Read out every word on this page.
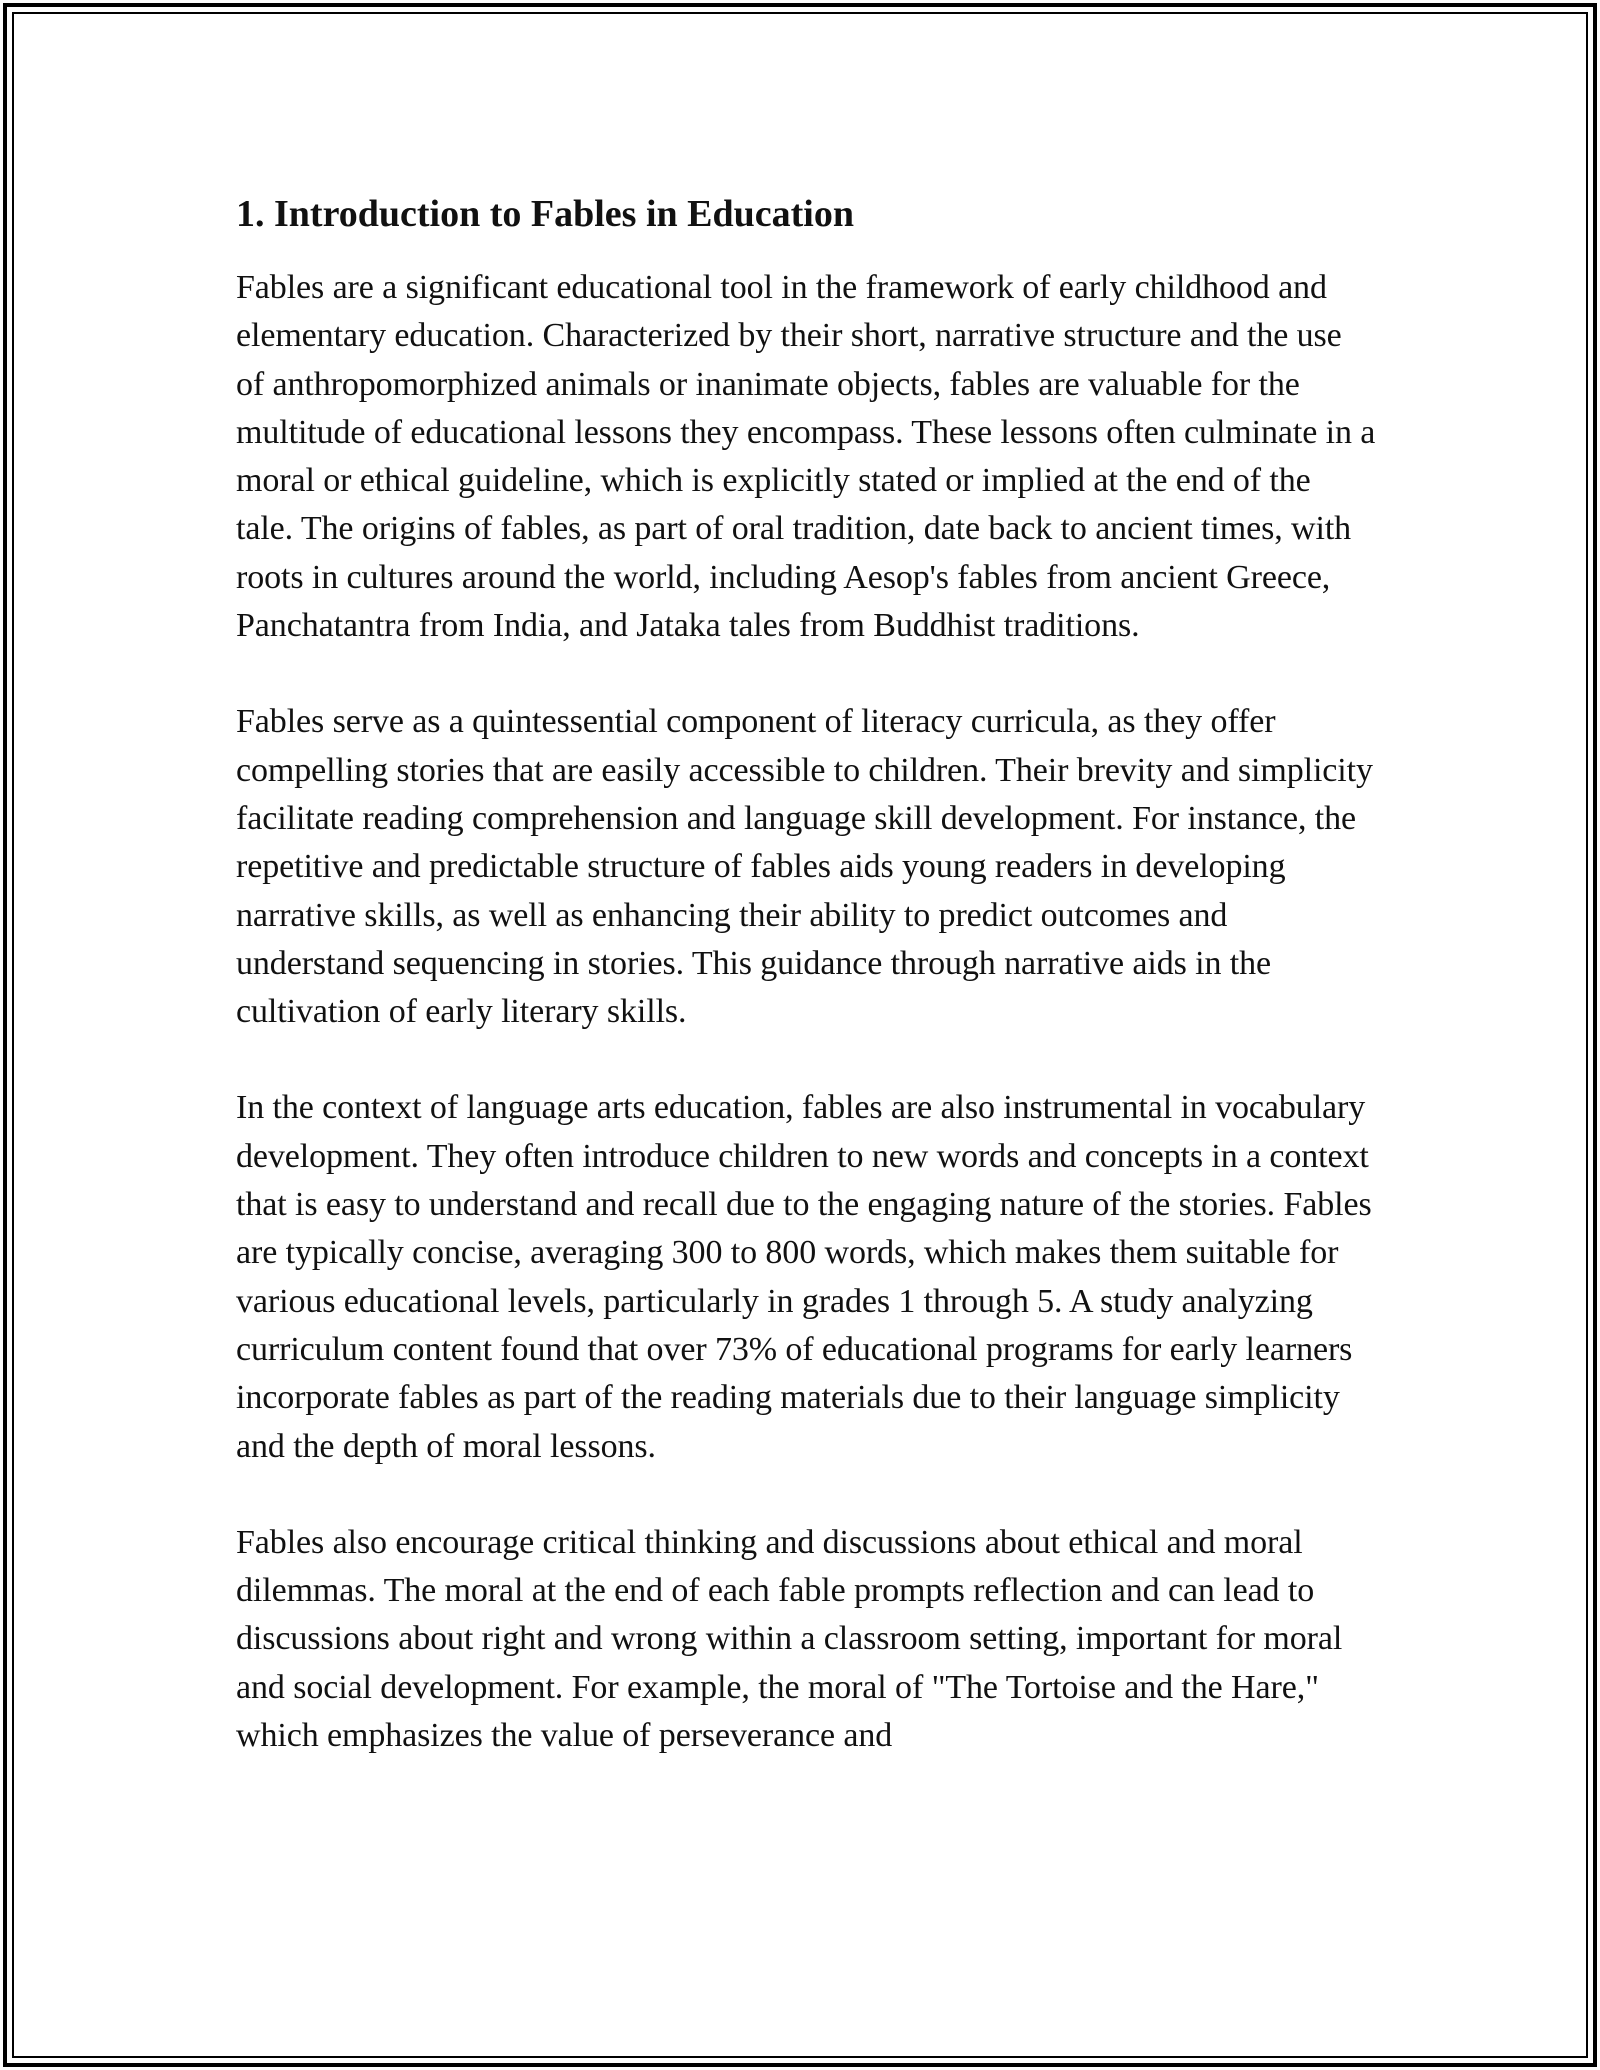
1. Introduction to Fables in Education

Fables are a significant educational tool in the framework of early childhood and elementary education. Characterized by their short, narrative structure and the use of anthropomorphized animals or inanimate objects, fables are valuable for the multitude of educational lessons they encompass. These lessons often culminate in a moral or ethical guideline, which is explicitly stated or implied at the end of the tale. The origins of fables, as part of oral tradition, date back to ancient times, with roots in cultures around the world, including Aesop's fables from ancient Greece, Panchatantra from India, and Jataka tales from Buddhist traditions.

Fables serve as a quintessential component of literacy curricula, as they offer compelling stories that are easily accessible to children. Their brevity and simplicity facilitate reading comprehension and language skill development. For instance, the repetitive and predictable structure of fables aids young readers in developing narrative skills, as well as enhancing their ability to predict outcomes and understand sequencing in stories. This guidance through narrative aids in the cultivation of early literary skills.

In the context of language arts education, fables are also instrumental in vocabulary development. They often introduce children to new words and concepts in a context that is easy to understand and recall due to the engaging nature of the stories. Fables are typically concise, averaging 300 to 800 words, which makes them suitable for various educational levels, particularly in grades 1 through 5. A study analyzing curriculum content found that over 73% of educational programs for early learners incorporate fables as part of the reading materials due to their language simplicity and the depth of moral lessons.

Fables also encourage critical thinking and discussions about ethical and moral dilemmas. The moral at the end of each fable prompts reflection and can lead to discussions about right and wrong within a classroom setting, important for moral and social development. For example, the moral of "The Tortoise and the Hare," which emphasizes the value of perseverance and
